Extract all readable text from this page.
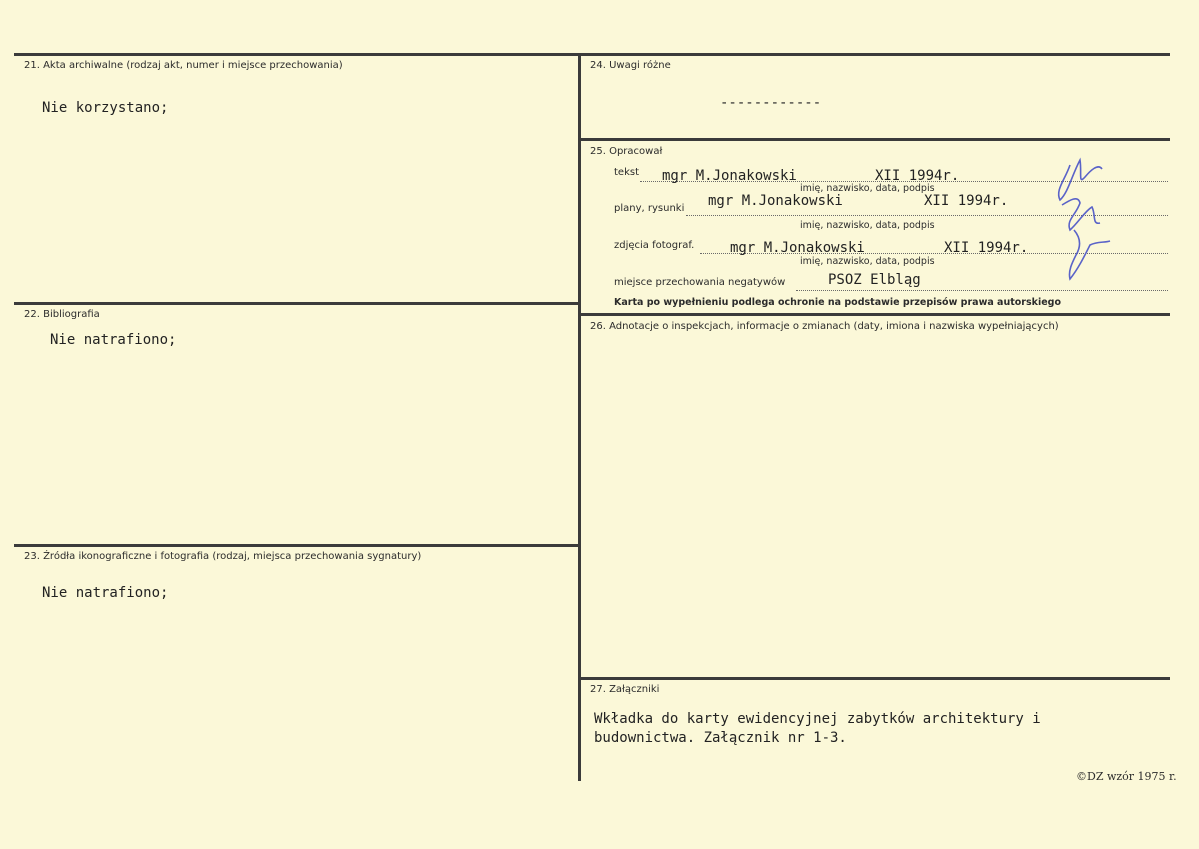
21. Akta archiwalne (rodzaj akt, numer i miejsce przechowania)
Nie korzystano;
22. Bibliografia
Nie natrafiono;
23. Źródła ikonograficzne i fotografia (rodzaj, miejsca przechowania sygnatury)
Nie natrafiono;
24. Uwagi różne
------------
25. Opracował
tekst mgr M.Jonakowski	XII 1994r.
imię, nazwisko, data, podpis
plany, rysunki mgr M.Jonakowski	XII 1994r.
imię, nazwisko, data, podpis
zdjęcia fotograf.	mgr M.Jonakowski	XII 1994r.
imię, nazwisko, data, podpis
miejsce przechowania negatywów	PSOZ Elbląg
Karta po wypełnieniu podlega ochronie na podstawie przepisów prawa autorskiego
26. Adnotacje o inspekcjach, informacje o zmianach (daty, imiona i nazwiska wypełniających)
27. Załączniki
Wkładka do karty ewidencyjnej zabytków architektury i
budownictwa. Załącznik nr 1-3.
©DZ wzór 1975 r.
